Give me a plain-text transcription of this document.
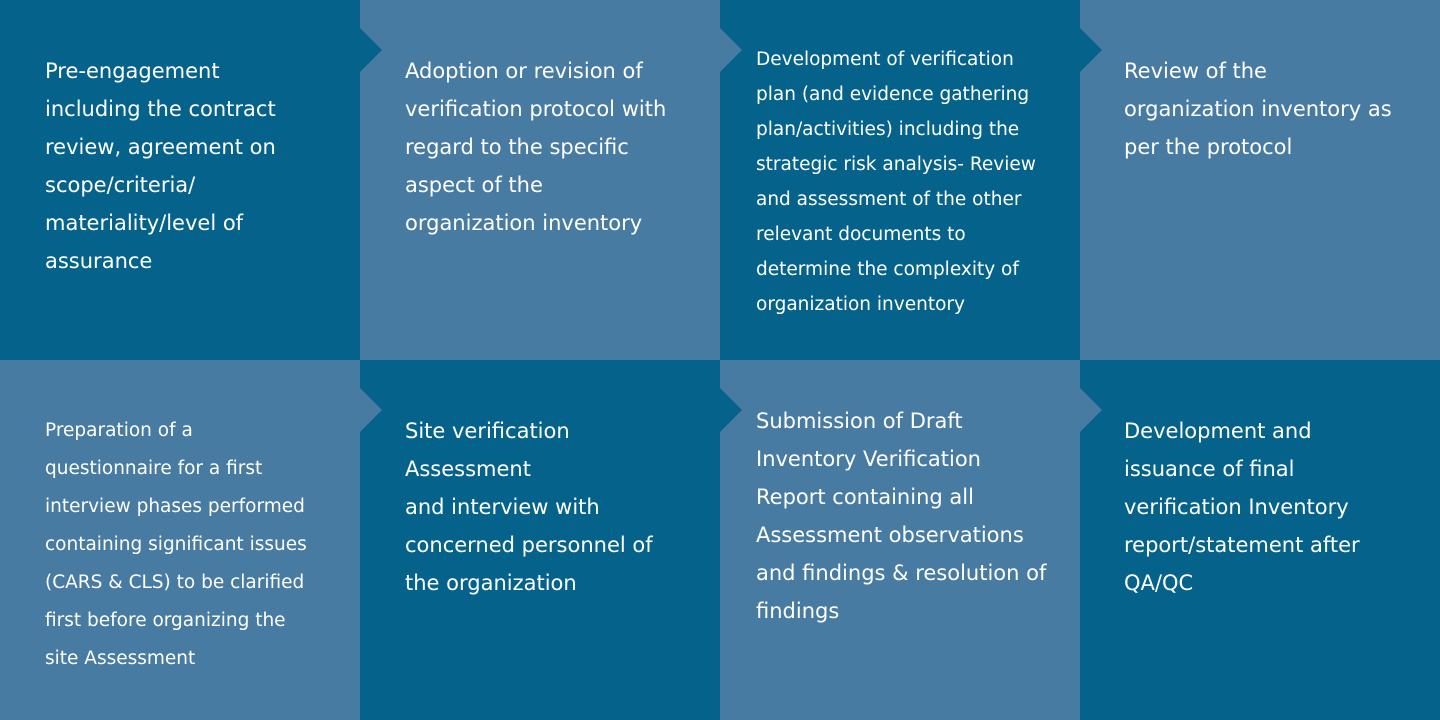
Pre-engagement
including the contract
review, agreement on
scope/criteria/
materiality/level of
assurance

Adoption or revision of
verification protocol with
regard to the specific
aspect of the
organization inventory

Development of verification
plan (and evidence gathering
plan/activities) including the
strategic risk analysis- Review
and assessment of the other
relevant documents to
determine the complexity of
organization inventory

Review of the
organization inventory as
per the protocol

Preparation of a
questionnaire for a first
interview phases performed
containing significant issues
(CARS & CLS) to be clarified
first before organizing the
site Assessment

Site verification
Assessment
and interview with
concerned personnel of
the organization

Submission of Draft
Inventory Verification
Report containing all
Assessment observations
and findings & resolution of
findings

Development and
issuance of final
verification Inventory
report/statement after
QA/QC
